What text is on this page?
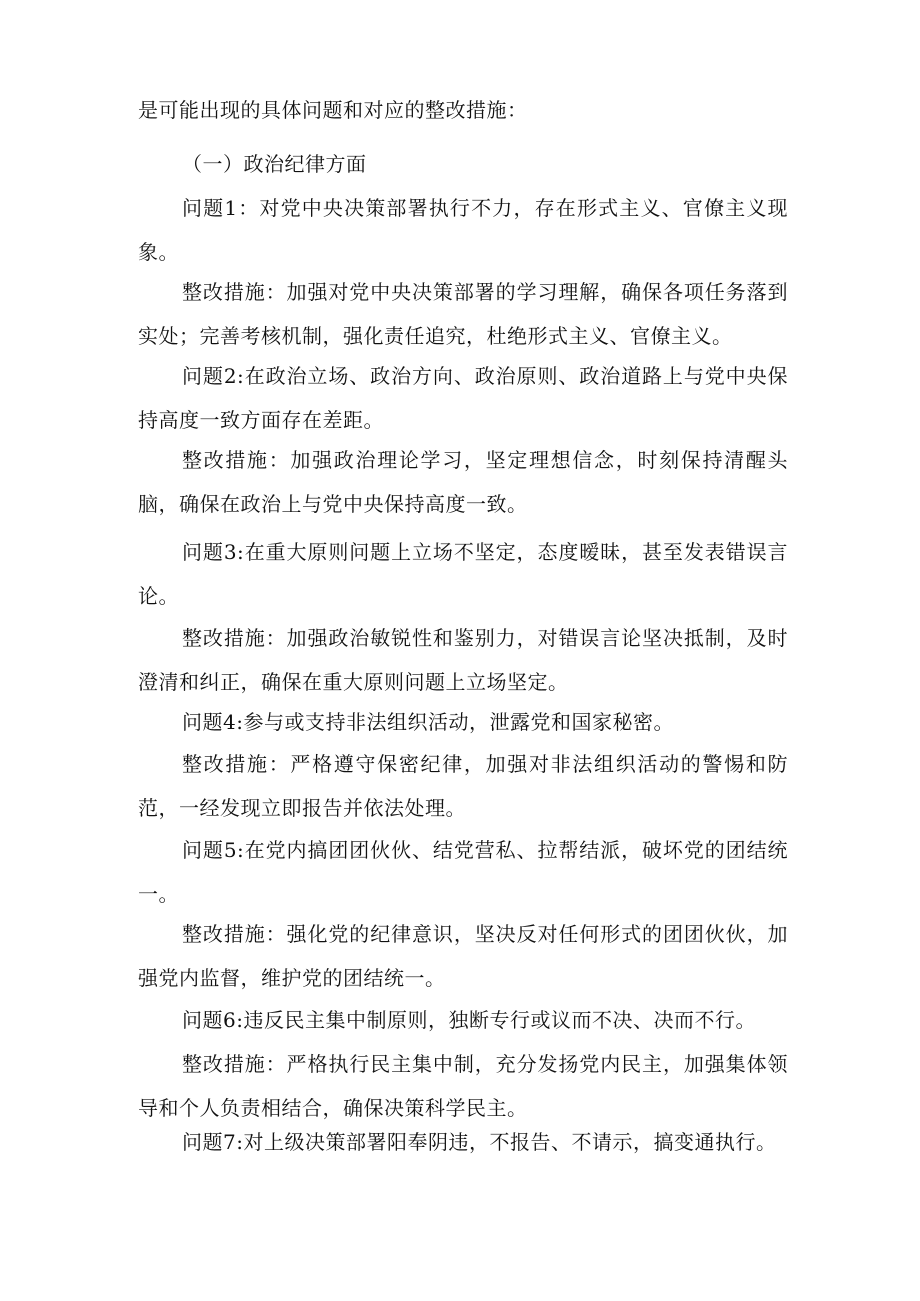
是可能出现的具体问题和对应的整改措施：

（一）政治纪律方面

问题1：对党中央决策部署执行不力，存在形式主义、官僚主义现象。

整改措施：加强对党中央决策部署的学习理解，确保各项任务落到实处；完善考核机制，强化责任追究，杜绝形式主义、官僚主义。

问题2:在政治立场、政治方向、政治原则、政治道路上与党中央保持高度一致方面存在差距。

整改措施：加强政治理论学习，坚定理想信念，时刻保持清醒头脑，确保在政治上与党中央保持高度一致。

问题3:在重大原则问题上立场不坚定，态度暧昧，甚至发表错误言论。

整改措施：加强政治敏锐性和鉴别力，对错误言论坚决抵制，及时澄清和纠正，确保在重大原则问题上立场坚定。

问题4:参与或支持非法组织活动，泄露党和国家秘密。

整改措施：严格遵守保密纪律，加强对非法组织活动的警惕和防范，一经发现立即报告并依法处理。

问题5:在党内搞团团伙伙、结党营私、拉帮结派，破坏党的团结统一。

整改措施：强化党的纪律意识，坚决反对任何形式的团团伙伙，加强党内监督，维护党的团结统一。

问题6:违反民主集中制原则，独断专行或议而不决、决而不行。

整改措施：严格执行民主集中制，充分发扬党内民主，加强集体领导和个人负责相结合，确保决策科学民主。

问题7:对上级决策部署阳奉阴违，不报告、不请示，搞变通执行。
